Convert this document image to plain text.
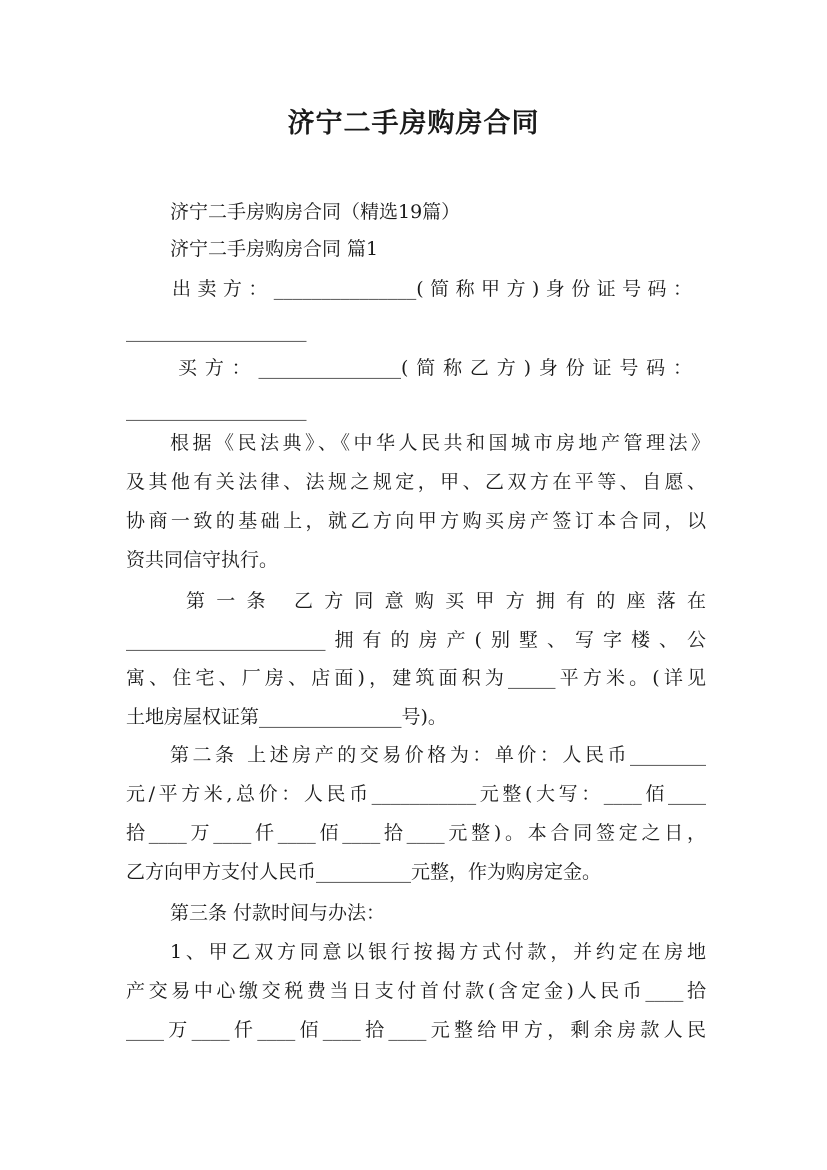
济宁二手房购房合同
济宁二手房购房合同（精选19篇）
济宁二手房购房合同 篇1
出卖方：_______________(简称甲方)身份证号码：
___________________
买方：_______________(简称乙方)身份证号码：
___________________
根据《民法典》、《中华人民共和国城市房地产管理法》
及其他有关法律、法规之规定，甲、乙双方在平等、自愿、
协商一致的基础上，就乙方向甲方购买房产签订本合同，以
资共同信守执行。
第一条 乙方同意购买甲方拥有的座落在
_____________________拥有的房产(别墅、写字楼、公
寓、住宅、厂房、店面)，建筑面积为_____平方米。(详见
土地房屋权证第_______________号)。
第二条 上述房产的交易价格为：单价：人民币________
元/平方米,总价：人民币___________元整(大写：____佰____
拾____万____仟____佰____拾____元整)。本合同签定之日，
乙方向甲方支付人民币__________元整，作为购房定金。
第三条 付款时间与办法：
1、甲乙双方同意以银行按揭方式付款，并约定在房地
产交易中心缴交税费当日支付首付款(含定金)人民币____拾
____万____仟____佰____拾____元整给甲方，剩余房款人民
